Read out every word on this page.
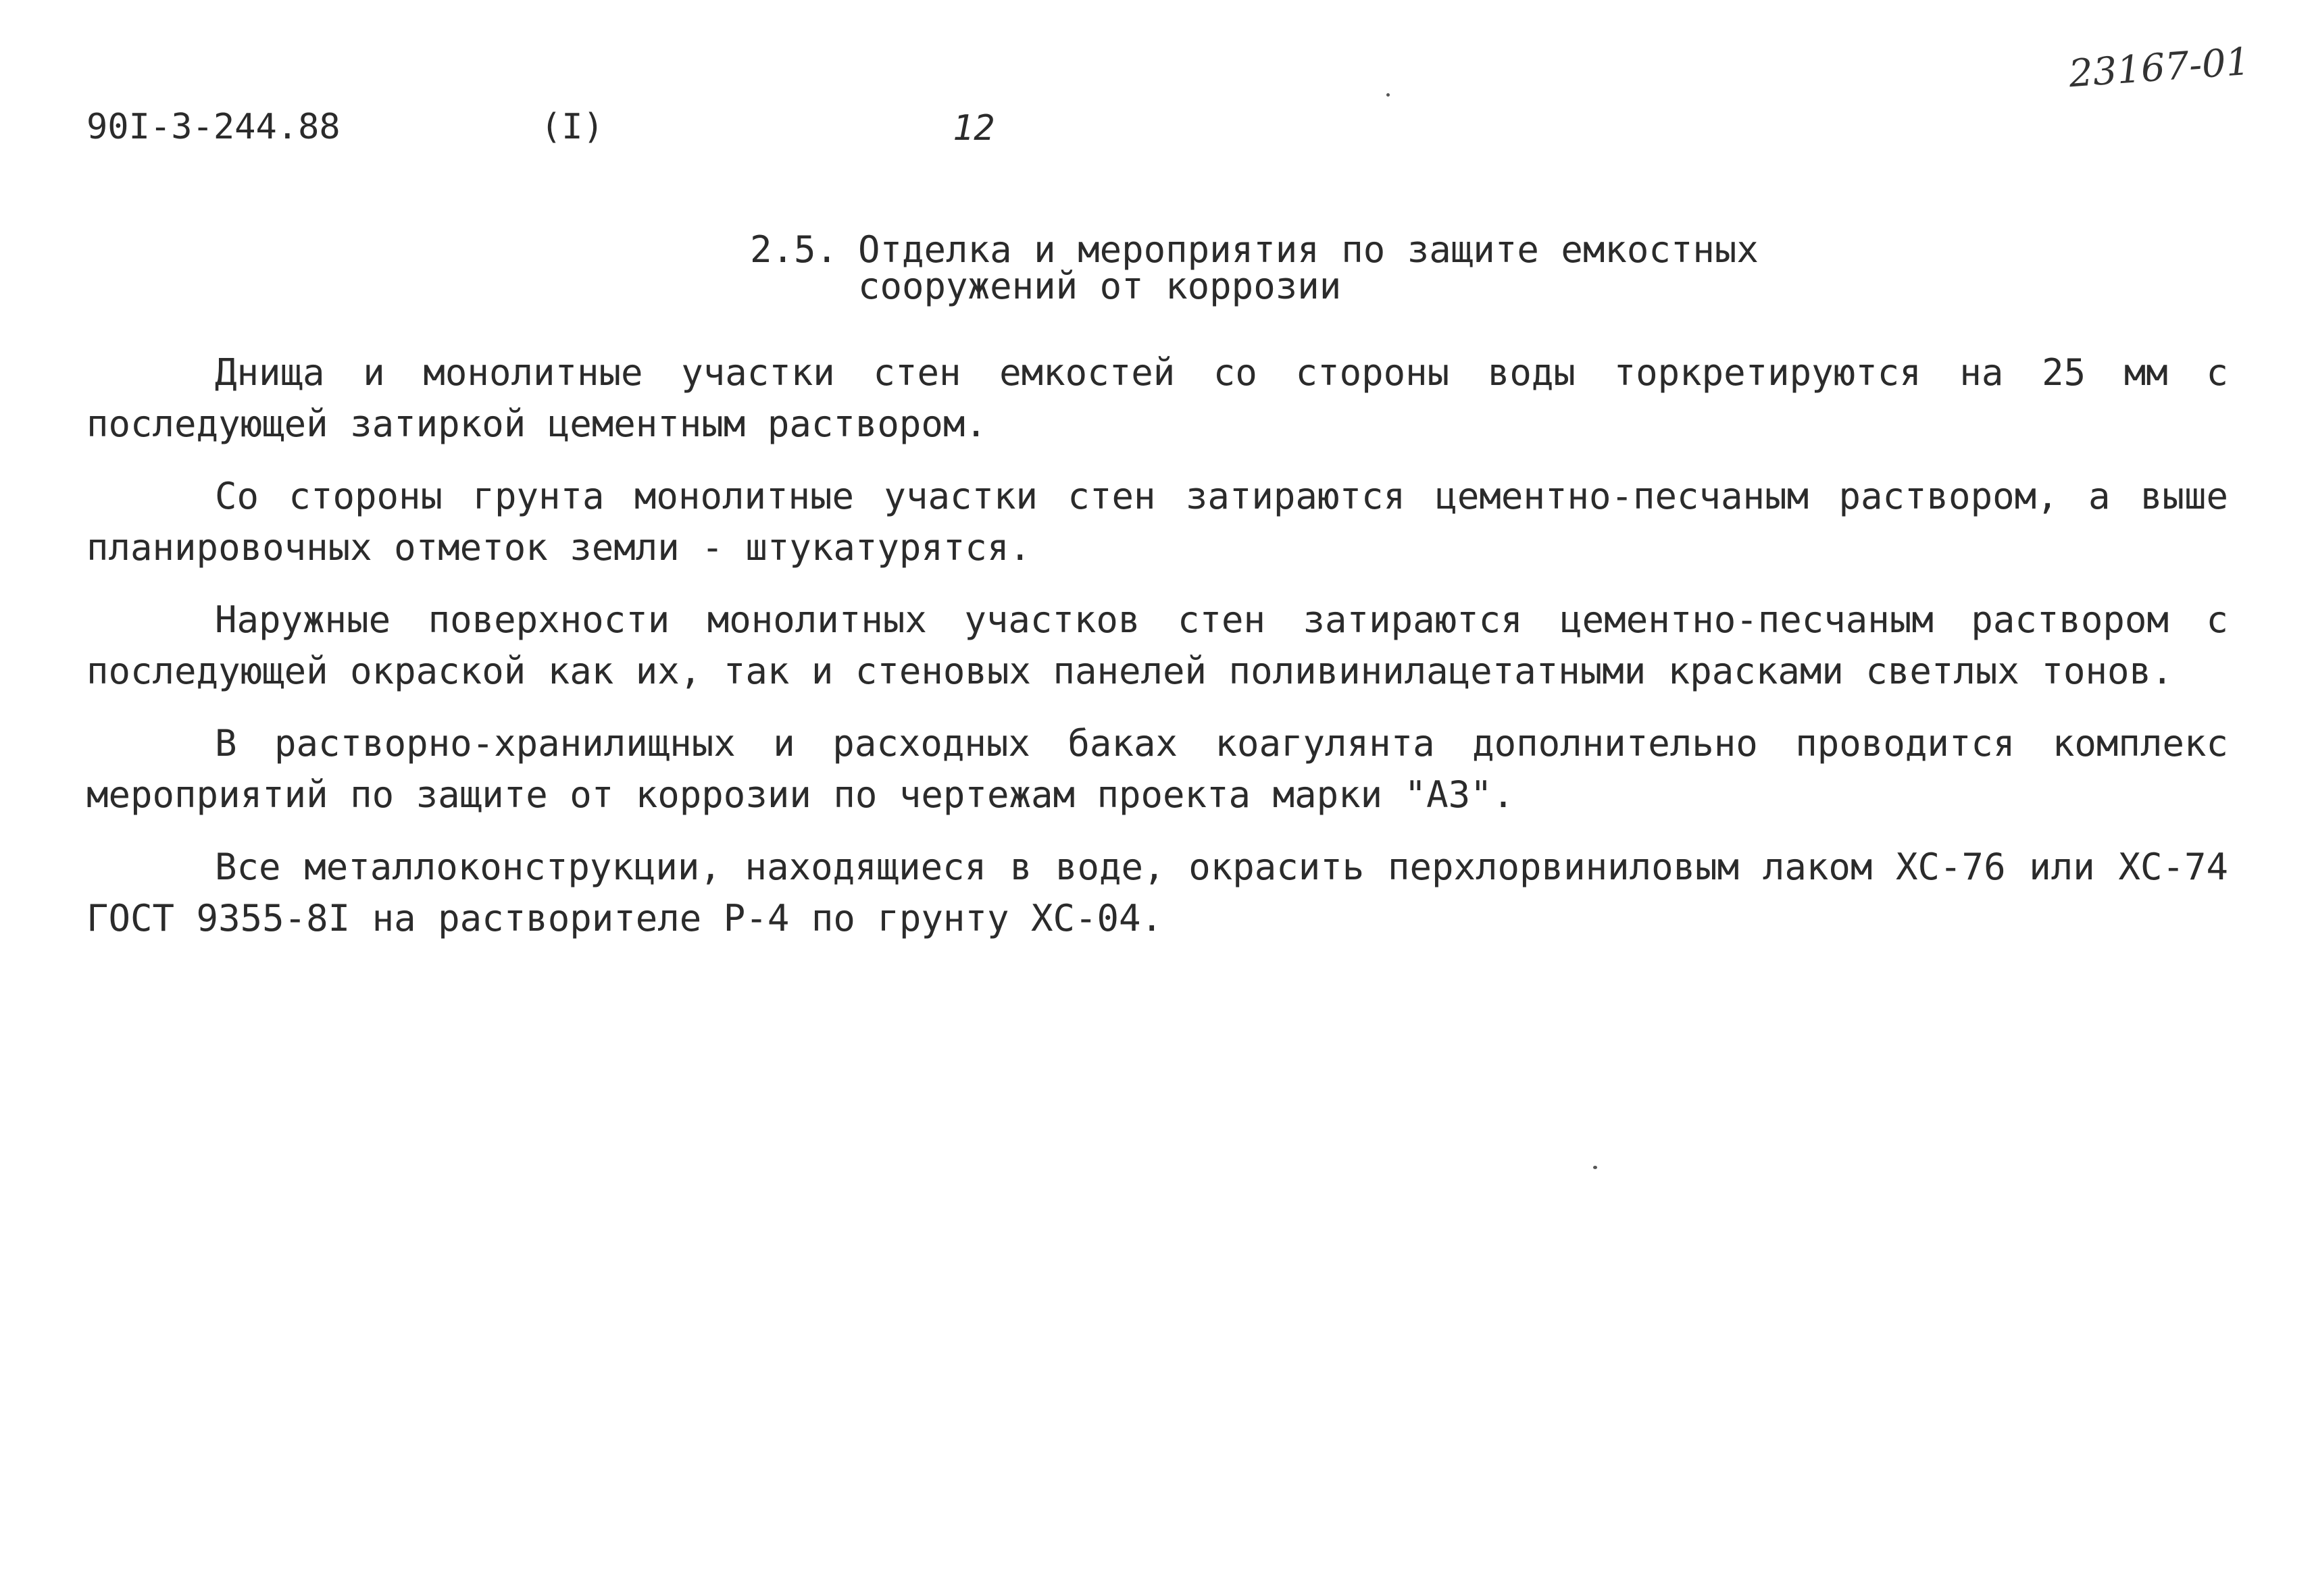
90I-3-244.88	(I)	12
23167-01
2.5. Отделка и мероприятия по защите емкостных
сооружений от коррозии

Днища и монолитные участки стен емкостей со стороны воды торкретируются на 25 мм с последующей затиркой цементным раствором.

Со стороны грунта монолитные участки стен затираются цементно-песчаным раствором, а выше планировочных отметок земли - штукатурятся.

Наружные поверхности монолитных участков стен затираются цементно-песчаным раствором с последующей окраской как их, так и стеновых панелей поливинилацетатными красками светлых тонов.

В растворно-хранилищных и расходных баках коагулянта дополнительно проводится комплекс мероприятий по защите от коррозии по чертежам проекта марки "АЗ".

Все металлоконструкции, находящиеся в воде, окрасить перхлорвиниловым лаком ХС-76 или ХС-74 ГОСТ 9355-8I на растворителе Р-4 по грунту ХС-04.
